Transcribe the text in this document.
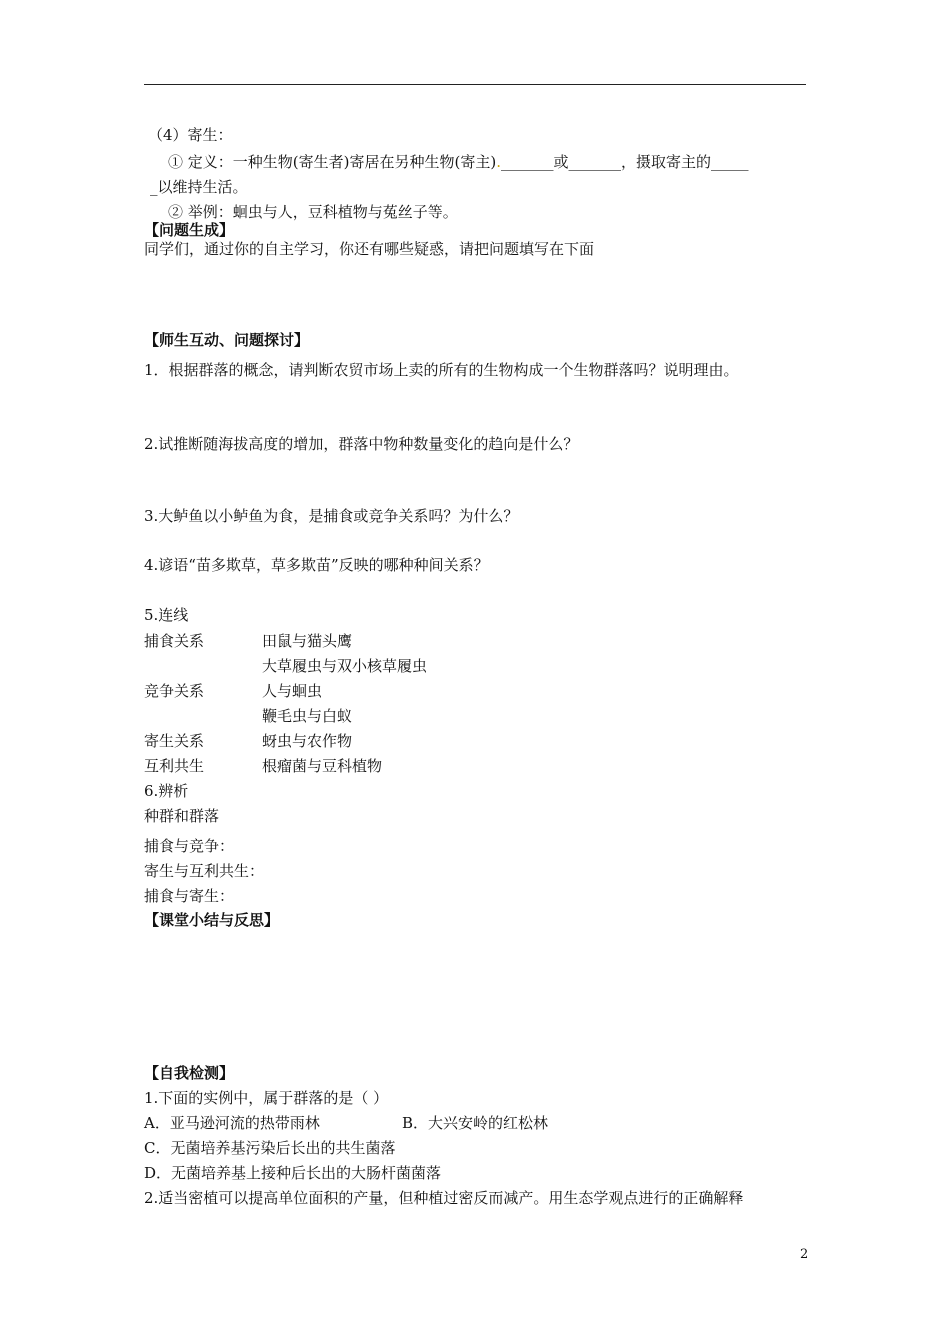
（4）寄生：
① 定义：一种生物(寄生者)寄居在另种生物(寄主)._______或_______，摄取寄主的_____
_以维持生活。
② 举例：蛔虫与人，豆科植物与菟丝子等。
【问题生成】
同学们，通过你的自主学习，你还有哪些疑惑，请把问题填写在下面
【师生互动、问题探讨】
1．根据群落的概念，请判断农贸市场上卖的所有的生物构成一个生物群落吗？说明理由。
2.试推断随海拔高度的增加，群落中物种数量变化的趋向是什么？
3.大鲈鱼以小鲈鱼为食，是捕食或竞争关系吗？为什么？
4.谚语“苗多欺草，草多欺苗”反映的哪种种间关系？
5.连线
捕食关系	田鼠与猫头鹰
大草履虫与双小核草履虫
竞争关系	人与蛔虫
鞭毛虫与白蚁
寄生关系	蚜虫与农作物
互利共生	根瘤菌与豆科植物
6.辨析
种群和群落
捕食与竞争：
寄生与互利共生：
捕食与寄生：
【课堂小结与反思】
【自我检测】
1.下面的实例中，属于群落的是（ ）
A．亚马逊河流的热带雨林	B．大兴安岭的红松林
C．无菌培养基污染后长出的共生菌落
D．无菌培养基上接种后长出的大肠杆菌菌落
2.适当密植可以提高单位面积的产量，但种植过密反而减产。用生态学观点进行的正确解释
2
